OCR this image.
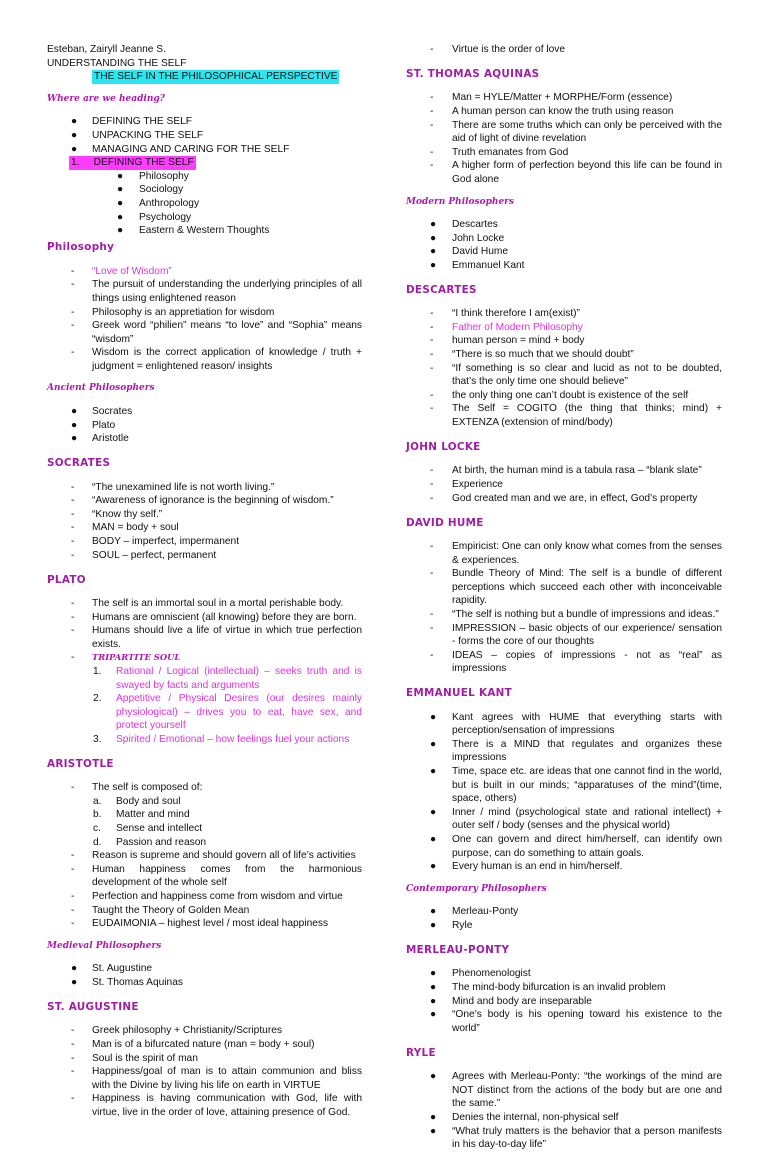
Esteban, Zairyll Jeanne S.

UNDERSTANDING THE SELF

THE SELF IN THE PHILOSOPHICAL PERSPECTIVE

Where are we heading?

● DEFINING THE SELF
● UNPACKING THE SELF
● MANAGING AND CARING FOR THE SELF
1. DEFINING THE SELF
● Philosophy
● Sociology
● Anthropology
● Psychology
● Eastern & Western Thoughts

Philosophy

- “Love of Wisdom”
- The pursuit of understanding the underlying principles of all things using enlightened reason
- Philosophy is an appretiation for wisdom
- Greek word “philien” means “to love” and “Sophia” means “wisdom”
- Wisdom is the correct application of knowledge / truth + judgment = enlightened reason/ insights

Ancient Philosophers

● Socrates
● Plato
● Aristotle

SOCRATES

- “The unexamined life is not worth living.”
- “Awareness of ignorance is the beginning of wisdom.”
- “Know thy self.”
- MAN = body + soul
- BODY – imperfect, impermanent
- SOUL – perfect, permanent

PLATO

- The self is an immortal soul in a mortal perishable body.
- Humans are omniscient (all knowing) before they are born.
- Humans should live a life of virtue in which true perfection exists.
- TRIPARTITE SOUL
1. Rational / Logical (intellectual) – seeks truth and is swayed by facts and arguments
2. Appetitive / Physical Desires (our desires mainly physiological) – drives you to eat, have sex, and protect yourself
3. Spirited / Emotional – how feelings fuel your actions

ARISTOTLE

- The self is composed of:
a. Body and soul
b. Matter and mind
c. Sense and intellect
d. Passion and reason
- Reason is supreme and should govern all of life’s activities
- Human happiness comes from the harmonious development of the whole self
- Perfection and happiness come from wisdom and virtue
- Taught the Theory of Golden Mean
- EUDAIMONIA – highest level / most ideal happiness

Medieval Philosophers

● St. Augustine
● St. Thomas Aquinas

ST. AUGUSTINE

- Greek philosophy + Christianity/Scriptures
- Man is of a bifurcated nature (man = body + soul)
- Soul is the spirit of man
- Happiness/goal of man is to attain communion and bliss with the Divine by living his life on earth in VIRTUE
- Happiness is having communication with God, life with virtue, live in the order of love, attaining presence of God.
- Virtue is the order of love

ST. THOMAS AQUINAS

- Man = HYLE/Matter + MORPHE/Form (essence)
- A human person can know the truth using reason
- There are some truths which can only be perceived with the aid of light of divine revelation
- Truth emanates from God
- A higher form of perfection beyond this life can be found in God alone

Modern Philosophers

● Descartes
● John Locke
● David Hume
● Emmanuel Kant

DESCARTES

- “I think therefore I am(exist)”
- Father of Modern Philosophy
- human person = mind + body
- “There is so much that we should doubt”
- “If something is so clear and lucid as not to be doubted, that’s the only time one should believe”
- the only thing one can’t doubt is existence of the self
- The Self = COGITO (the thing that thinks; mind) + EXTENZA (extension of mind/body)

JOHN LOCKE

- At birth, the human mind is a tabula rasa – “blank slate”
- Experience
- God created man and we are, in effect, God’s property

DAVID HUME

- Empiricist: One can only know what comes from the senses & experiences.
- Bundle Theory of Mind: The self is a bundle of different perceptions which succeed each other with inconceivable rapidity.
- “The self is nothing but a bundle of impressions and ideas.”
- IMPRESSION – basic objects of our experience/ sensation - forms the core of our thoughts
- IDEAS – copies of impressions - not as “real” as impressions

EMMANUEL KANT

● Kant agrees with HUME that everything starts with perception/sensation of impressions
● There is a MIND that regulates and organizes these impressions
● Time, space etc. are ideas that one cannot find in the world, but is built in our minds; “apparatuses of the mind”(time, space, others)
● Inner / mind (psychological state and rational intellect) + outer self / body (senses and the physical world)
● One can govern and direct him/herself, can identify own purpose, can do something to attain goals.
● Every human is an end in him/herself.

Contemporary Philosophers

● Merleau-Ponty
● Ryle

MERLEAU-PONTY

● Phenomenologist
● The mind-body bifurcation is an invalid problem
● Mind and body are inseparable
● “One’s body is his opening toward his existence to the world”

RYLE

● Agrees with Merleau-Ponty: “the workings of the mind are NOT distinct from the actions of the body but are one and the same.”
● Denies the internal, non-physical self
● “What truly matters is the behavior that a person manifests in his day-to-day life”
